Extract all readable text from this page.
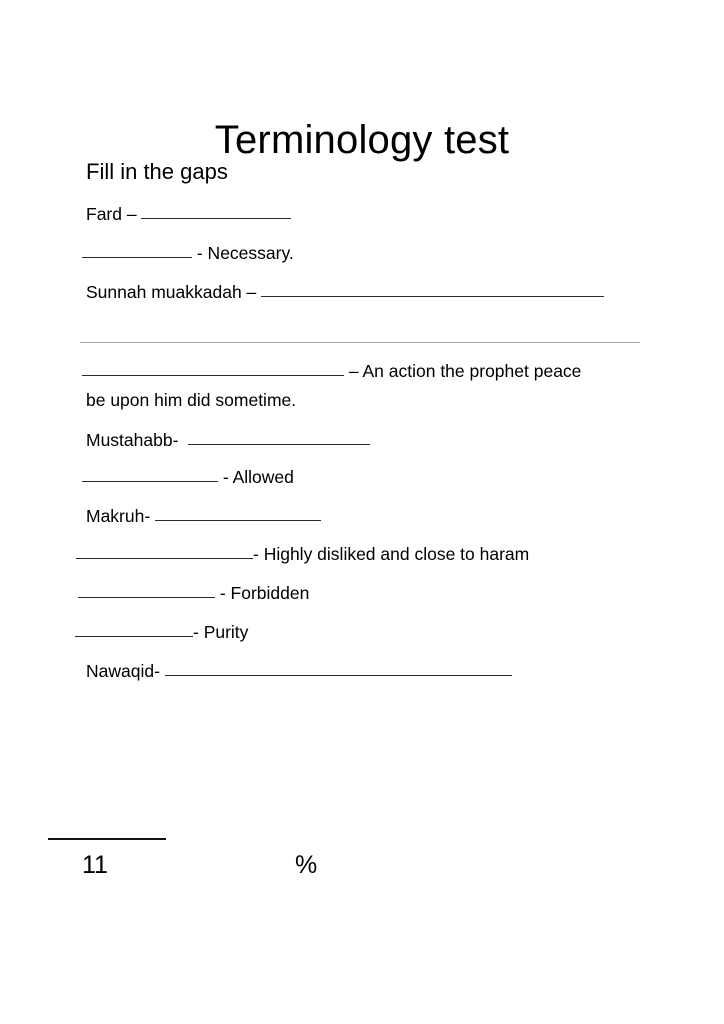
Terminology test
Fill in the gaps
Fard –
- Necessary.
Sunnah muakkadah –
– An action the prophet peace
Mustahabb-
- Allowed
Makruh-
- Highly disliked and close to haram
- Forbidden
- Purity
Nawaqid-
be upon him did sometime.
11	%
